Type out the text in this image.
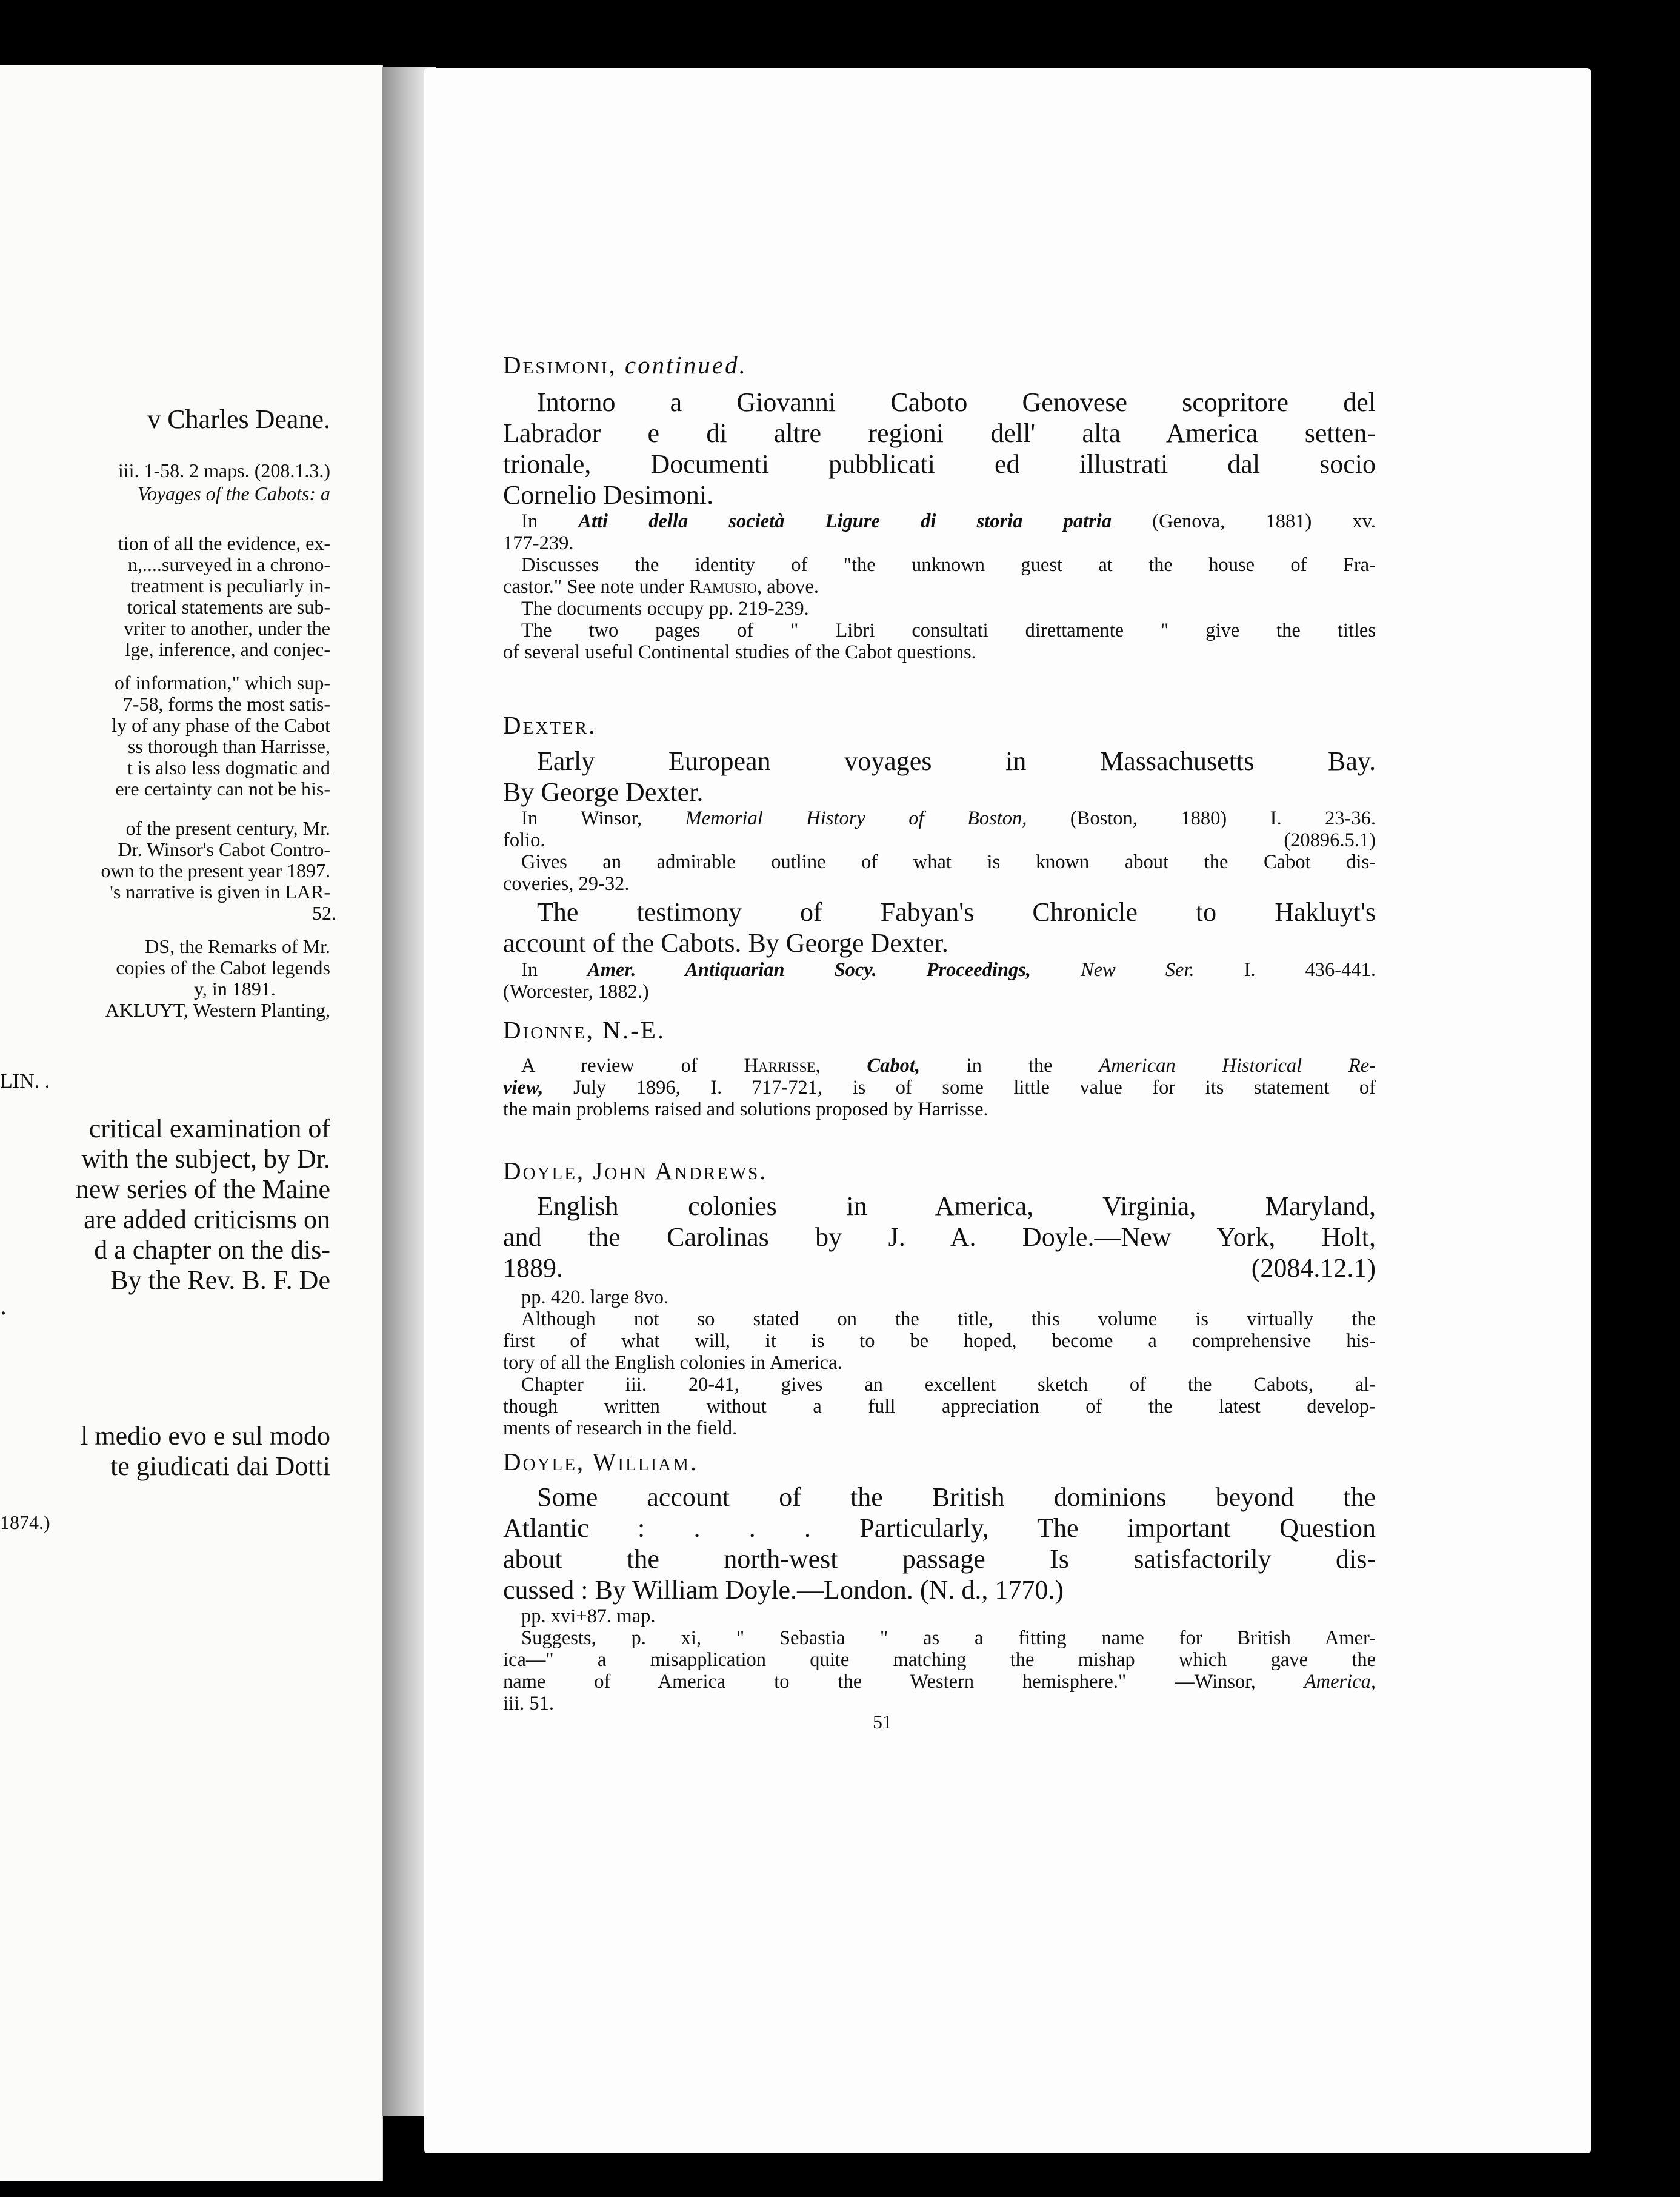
v Charles Deane.
iii. 1-58. 2 maps. (208.1.3.)
Voyages of the Cabots: a
tion of all the evidence, ex-
n,....surveyed in a chrono-
treatment is peculiarly in-
torical statements are sub-
vriter to another, under the
lge, inference, and conjec-
of information," which sup-
7-58, forms the most satis-
ly of any phase of the Cabot
ss thorough than Harrisse,
t is also less dogmatic and
ere certainty can not be his-
of the present century, Mr.
Dr. Winsor's Cabot Contro-
own to the present year 1897.
's narrative is given in LAR-
52.
DS, the Remarks of Mr.
copies of the Cabot legends
y, in 1891.
AKLUYT, Western Planting,
LIN. .
critical examination of
with the subject, by Dr.
new series of the Maine
are added criticisms on
d a chapter on the dis-
By the Rev. B. F. De
.
l medio evo e sul modo
te giudicati dai Dotti
1874.)
Desimoni, continued.
Intorno a Giovanni Caboto Genovese scopritore del
Labrador e di altre regioni dell' alta America setten-
trionale, Documenti pubblicati ed illustrati dal socio
Cornelio Desimoni.
In Atti della società Ligure di storia patria (Genova, 1881) xv.
177-239.
Discusses the identity of "the unknown guest at the house of Fra-
castor." See note under Ramusio, above.
The documents occupy pp. 219-239.
The two pages of " Libri consultati direttamente " give the titles
of several useful Continental studies of the Cabot questions.
Dexter.
Early European voyages in Massachusetts Bay.
By George Dexter.
In Winsor, Memorial History of Boston, (Boston, 1880) I. 23-36.
folio.	(20896.5.1)
Gives an admirable outline of what is known about the Cabot dis-
coveries, 29-32.
The testimony of Fabyan's Chronicle to Hakluyt's
account of the Cabots. By George Dexter.
In	Amer. Antiquarian Socy. Proceedings,	New Ser.	I. 436-441.
(Worcester, 1882.)
Dionne, N.-E.
A review of Harrisse, Cabot, in the American Historical Re-
view, July 1896, I. 717-721, is of some little value for its statement of
the main problems raised and solutions proposed by Harrisse.
Doyle, John Andrews.
English colonies in America, Virginia, Maryland,
and the Carolinas by J. A. Doyle.—New York, Holt,
1889.	(2084.12.1)
pp. 420. large 8vo.
Although not so stated on the title, this volume is virtually the
first of what will, it is to be hoped, become a comprehensive his-
tory of all the English colonies in America.
Chapter iii. 20-41, gives an excellent sketch of the Cabots, al-
though written without a full appreciation of the latest develop-
ments of research in the field.
Doyle, William.
Some account of the British dominions beyond the
Atlantic : . . . Particularly, The important Question
about the north-west passage Is satisfactorily dis-
cussed : By William Doyle.—London. (N. d., 1770.)
pp. xvi+87. map.
Suggests, p. xi, " Sebastia " as a fitting name for British Amer-
ica—" a misapplication quite matching the mishap which gave the
name of America to the Western hemisphere." —Winsor, America,
iii. 51.
51
